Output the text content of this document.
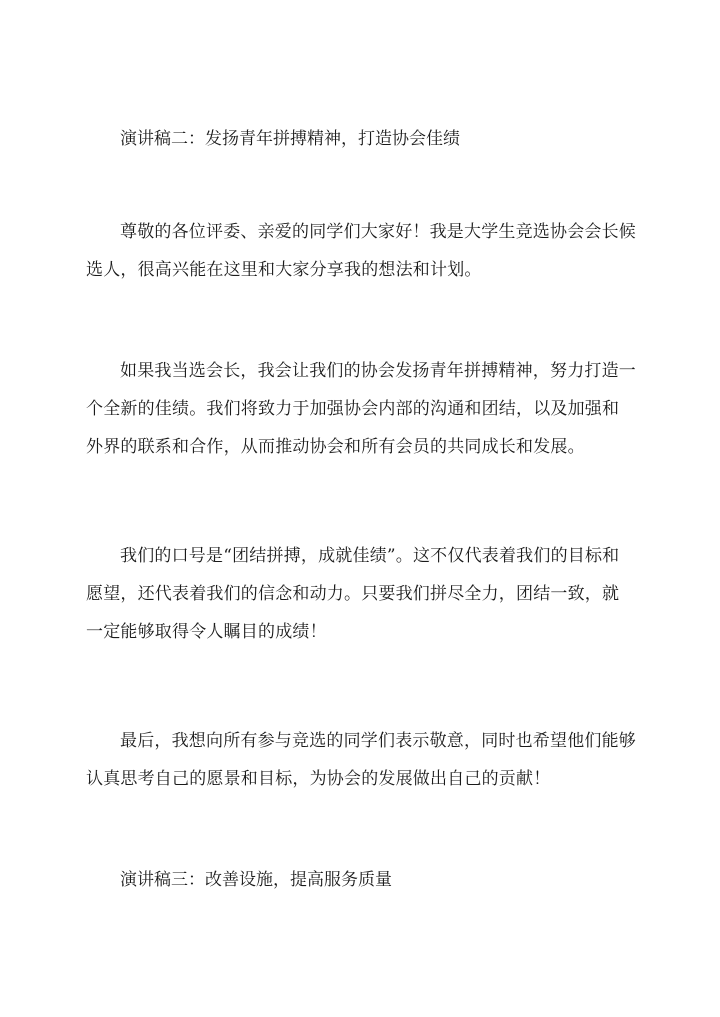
演讲稿二：发扬青年拼搏精神，打造协会佳绩

尊敬的各位评委、亲爱的同学们大家好！我是大学生竞选协会会长候选人，很高兴能在这里和大家分享我的想法和计划。

如果我当选会长，我会让我们的协会发扬青年拼搏精神，努力打造一个全新的佳绩。我们将致力于加强协会内部的沟通和团结，以及加强和外界的联系和合作，从而推动协会和所有会员的共同成长和发展。

我们的口号是“团结拼搏，成就佳绩”。这不仅代表着我们的目标和愿望，还代表着我们的信念和动力。只要我们拼尽全力，团结一致，就一定能够取得令人瞩目的成绩！

最后，我想向所有参与竞选的同学们表示敬意，同时也希望他们能够认真思考自己的愿景和目标，为协会的发展做出自己的贡献！

演讲稿三：改善设施，提高服务质量
